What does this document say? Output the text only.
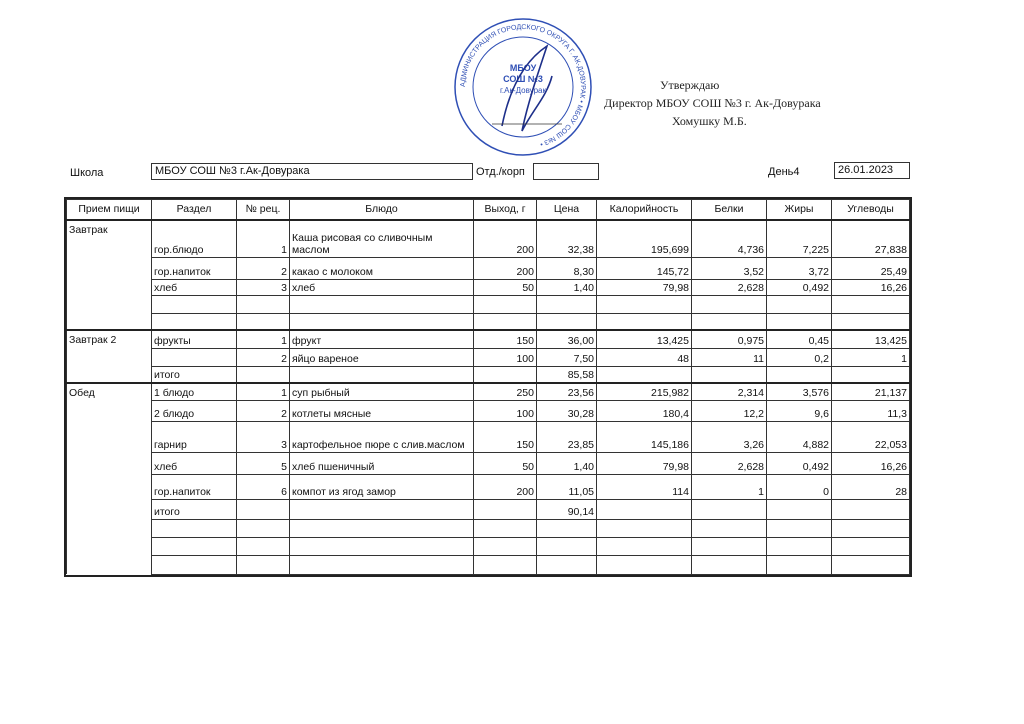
АДМИНИСТРАЦИЯ ГОРОДСКОГО ОКРУГА Г. АК-ДОВУРАК • МБОУ СОШ №3 •
МБОУ
СОШ №3
г.Ак-Довурак	Утверждаю
Директор МБОУ СОШ №3 г. Ак-Довурака
Хомушку М.Б.
Школа	МБОУ СОШ №3 г.Ак-Довурака	Отд./корп	День4	26.01.2023
Прием пищи	Раздел	№ рец.	Блюдо	Выход, г	Цена	Калорийность	Белки	Жиры	Углеводы
Завтрак	гор.блюдо	1	Каша рисовая со сливочным маслом	200	32,38	195,699	4,736	7,225	27,838
	гор.напиток	2	какао с молоком	200	8,30	145,72	3,52	3,72	25,49
	хлеб	3	хлеб	50	1,40	79,98	2,628	0,492	16,26

Завтрак 2	фрукты	1	фрукт	150	36,00	13,425	0,975	0,45	13,425
		2	яйцо вареное	100	7,50	48	11	0,2	1
	итого				85,58				
Обед	1 блюдо	1	суп рыбный	250	23,56	215,982	2,314	3,576	21,137
	2 блюдо	2	котлеты мясные	100	30,28	180,4	12,2	9,6	11,3
	гарнир	3	картофельное пюре с слив.маслом	150	23,85	145,186	3,26	4,882	22,053
	хлеб	5	хлеб пшеничный	50	1,40	79,98	2,628	0,492	16,26
	гор.напиток	6	компот из ягод замор	200	11,05	114	1	0	28
	итого				90,14				
